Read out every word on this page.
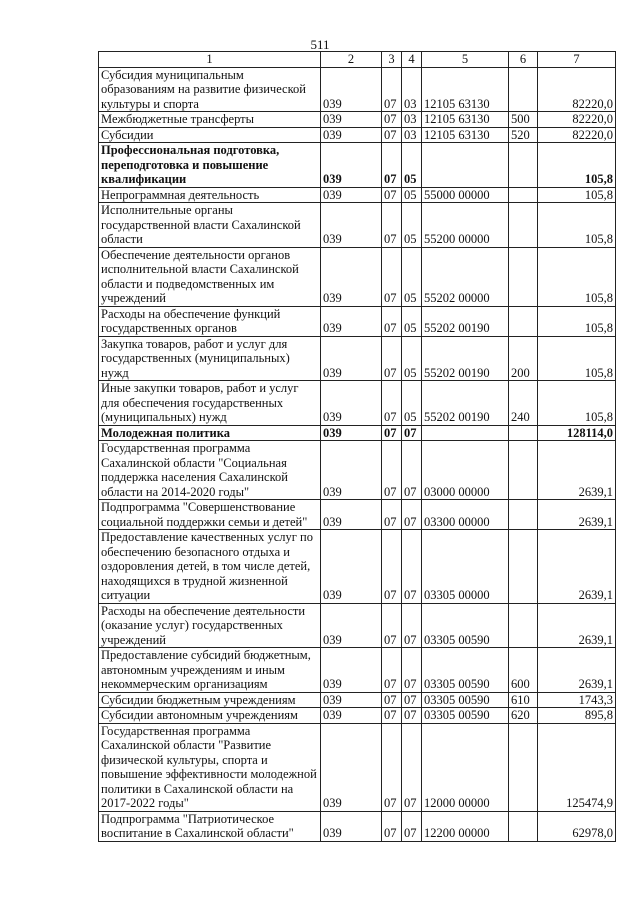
511
1	2	3	4	5	6	7
Субсидия муниципальным образованиям на развитие физической культуры и спорта	039	07	03	12105 63130		82220,0
Межбюджетные трансферты	039	07	03	12105 63130	500	82220,0
Субсидии	039	07	03	12105 63130	520	82220,0
Профессиональная подготовка, переподготовка и повышение квалификации	039	07	05			105,8
Непрограммная деятельность	039	07	05	55000 00000		105,8
Исполнительные органы государственной власти Сахалинской области	039	07	05	55200 00000		105,8
Обеспечение деятельности органов исполнительной власти Сахалинской области и подведомственных им учреждений	039	07	05	55202 00000		105,8
Расходы на обеспечение функций государственных органов	039	07	05	55202 00190		105,8
Закупка товаров, работ и услуг для государственных (муниципальных) нужд	039	07	05	55202 00190	200	105,8
Иные закупки товаров, работ и услуг для обеспечения государственных (муниципальных) нужд	039	07	05	55202 00190	240	105,8
Молодежная политика	039	07	07			128114,0
Государственная программа Сахалинской области "Социальная поддержка населения Сахалинской области на 2014-2020 годы"	039	07	07	03000 00000		2639,1
Подпрограмма "Совершенствование социальной поддержки семьи и детей"	039	07	07	03300 00000		2639,1
Предоставление качественных услуг по обеспечению безопасного отдыха и оздоровления детей, в том числе детей, находящихся в трудной жизненной ситуации	039	07	07	03305 00000		2639,1
Расходы на обеспечение деятельности (оказание услуг) государственных учреждений	039	07	07	03305 00590		2639,1
Предоставление субсидий бюджетным, автономным учреждениям и иным некоммерческим организациям	039	07	07	03305 00590	600	2639,1
Субсидии бюджетным учреждениям	039	07	07	03305 00590	610	1743,3
Субсидии автономным учреждениям	039	07	07	03305 00590	620	895,8
Государственная программа Сахалинской области "Развитие физической культуры, спорта и повышение эффективности молодежной политики в Сахалинской области на 2017-2022 годы"	039	07	07	12000 00000		125474,9
Подпрограмма "Патриотическое воспитание в Сахалинской области"	039	07	07	12200 00000		62978,0
